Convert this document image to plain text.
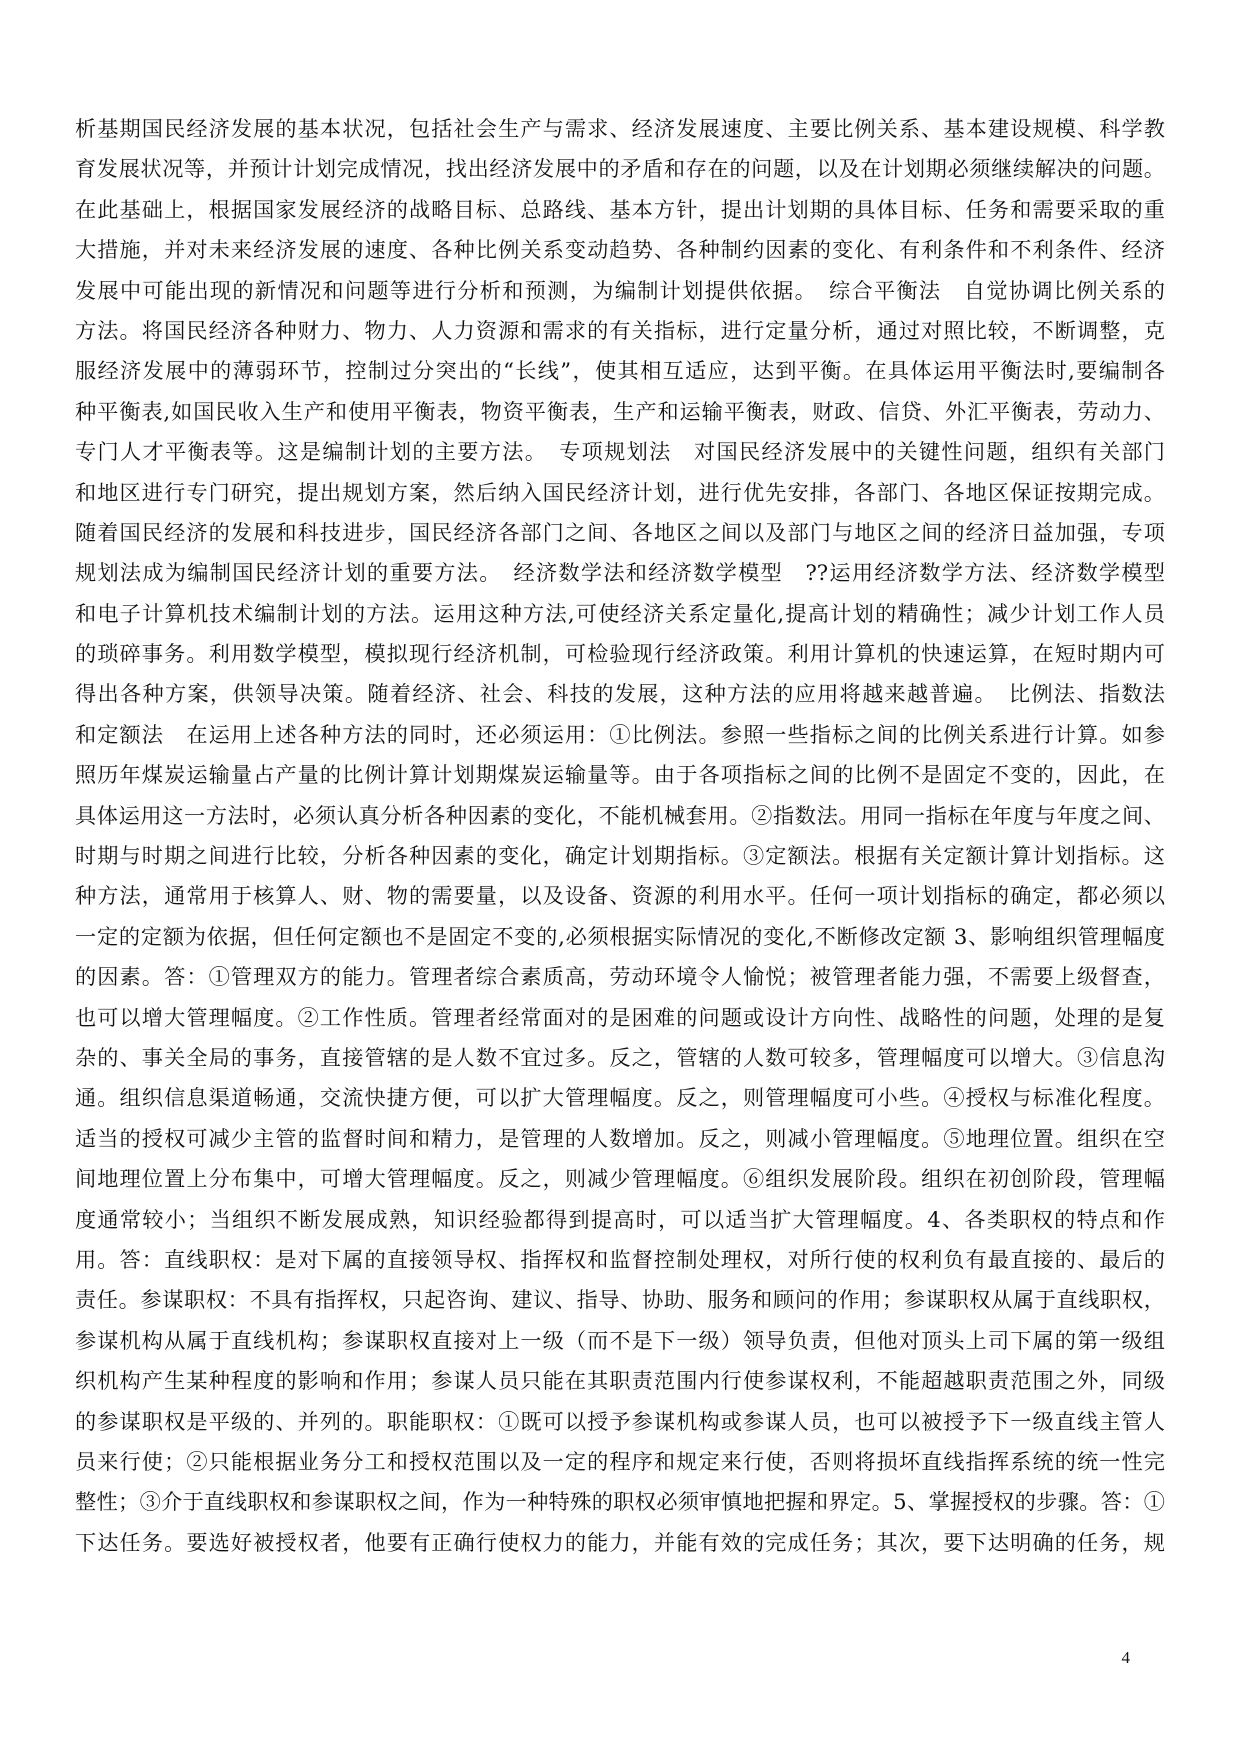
析基期国民经济发展的基本状况，包括社会生产与需求、经济发展速度、主要比例关系、基本建设规模、科学教
育发展状况等，并预计计划完成情况，找出经济发展中的矛盾和存在的问题，以及在计划期必须继续解决的问题。
在此基础上，根据国家发展经济的战略目标、总路线、基本方针，提出计划期的具体目标、任务和需要采取的重
大措施，并对未来经济发展的速度、各种比例关系变动趋势、各种制约因素的变化、有利条件和不利条件、经济
发展中可能出现的新情况和问题等进行分析和预测，为编制计划提供依据。　综合平衡法　自觉协调比例关系的
方法。将国民经济各种财力、物力、人力资源和需求的有关指标，进行定量分析，通过对照比较，不断调整，克
服经济发展中的薄弱环节，控制过分突出的“长线”，使其相互适应，达到平衡。在具体运用平衡法时,要编制各
种平衡表,如国民收入生产和使用平衡表，物资平衡表，生产和运输平衡表，财政、信贷、外汇平衡表，劳动力、
专门人才平衡表等。这是编制计划的主要方法。　专项规划法　对国民经济发展中的关键性问题，组织有关部门
和地区进行专门研究，提出规划方案，然后纳入国民经济计划，进行优先安排，各部门、各地区保证按期完成。
随着国民经济的发展和科技进步，国民经济各部门之间、各地区之间以及部门与地区之间的经济日益加强，专项
规划法成为编制国民经济计划的重要方法。　经济数学法和经济数学模型　??运用经济数学方法、经济数学模型
和电子计算机技术编制计划的方法。运用这种方法,可使经济关系定量化,提高计划的精确性；减少计划工作人员
的琐碎事务。利用数学模型，模拟现行经济机制，可检验现行经济政策。利用计算机的快速运算，在短时期内可
得出各种方案，供领导决策。随着经济、社会、科技的发展，这种方法的应用将越来越普遍。　比例法、指数法
和定额法　在运用上述各种方法的同时，还必须运用：①比例法。参照一些指标之间的比例关系进行计算。如参
照历年煤炭运输量占产量的比例计算计划期煤炭运输量等。由于各项指标之间的比例不是固定不变的，因此，在
具体运用这一方法时，必须认真分析各种因素的变化，不能机械套用。②指数法。用同一指标在年度与年度之间、
时期与时期之间进行比较，分析各种因素的变化，确定计划期指标。③定额法。根据有关定额计算计划指标。这
种方法，通常用于核算人、财、物的需要量，以及设备、资源的利用水平。任何一项计划指标的确定，都必须以
一定的定额为依据，但任何定额也不是固定不变的,必须根据实际情况的变化,不断修改定额 3、影响组织管理幅度
的因素。答：①管理双方的能力。管理者综合素质高，劳动环境令人愉悦；被管理者能力强，不需要上级督查，
也可以增大管理幅度。②工作性质。管理者经常面对的是困难的问题或设计方向性、战略性的问题，处理的是复
杂的、事关全局的事务，直接管辖的是人数不宜过多。反之，管辖的人数可较多，管理幅度可以增大。③信息沟
通。组织信息渠道畅通，交流快捷方便，可以扩大管理幅度。反之，则管理幅度可小些。④授权与标准化程度。
适当的授权可减少主管的监督时间和精力，是管理的人数增加。反之，则减小管理幅度。⑤地理位置。组织在空
间地理位置上分布集中，可增大管理幅度。反之，则减少管理幅度。⑥组织发展阶段。组织在初创阶段，管理幅
度通常较小；当组织不断发展成熟，知识经验都得到提高时，可以适当扩大管理幅度。4、各类职权的特点和作
用。答：直线职权：是对下属的直接领导权、指挥权和监督控制处理权，对所行使的权利负有最直接的、最后的
责任。参谋职权：不具有指挥权，只起咨询、建议、指导、协助、服务和顾问的作用；参谋职权从属于直线职权，
参谋机构从属于直线机构；参谋职权直接对上一级（而不是下一级）领导负责，但他对顶头上司下属的第一级组
织机构产生某种程度的影响和作用；参谋人员只能在其职责范围内行使参谋权利，不能超越职责范围之外，同级
的参谋职权是平级的、并列的。职能职权：①既可以授予参谋机构或参谋人员，也可以被授予下一级直线主管人
员来行使；②只能根据业务分工和授权范围以及一定的程序和规定来行使，否则将损坏直线指挥系统的统一性完
整性；③介于直线职权和参谋职权之间，作为一种特殊的职权必须审慎地把握和界定。5、掌握授权的步骤。答：①
下达任务。要选好被授权者，他要有正确行使权力的能力，并能有效的完成任务；其次，要下达明确的任务，规
4
